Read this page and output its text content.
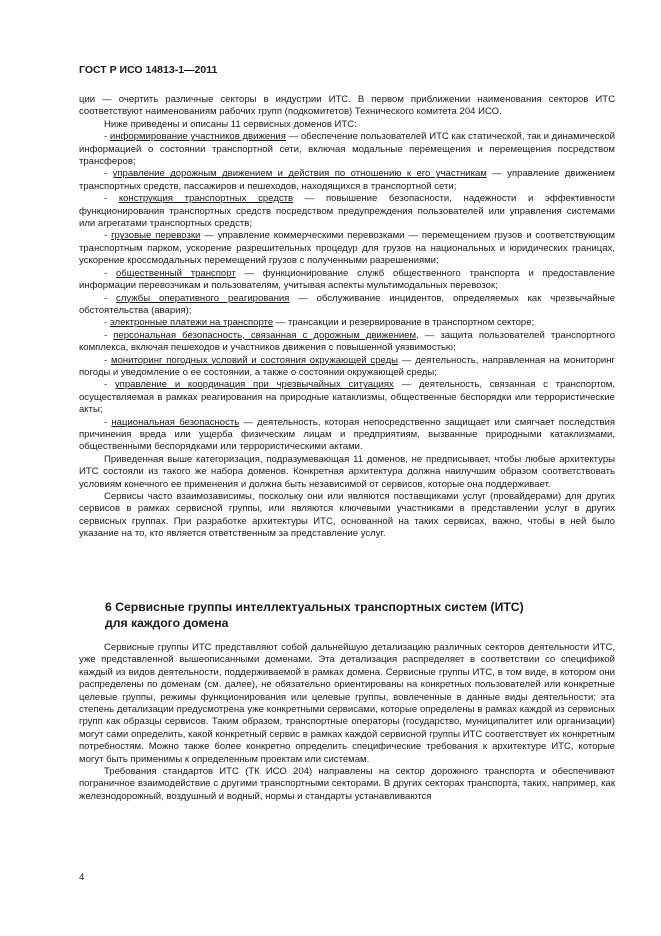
ГОСТ Р ИСО 14813-1—2011

ции — очертить различные секторы в индустрии ИТС. В первом приближении наименования секторов ИТС соответствуют наименованиям рабочих групп (подкомитетов) Технического комитета 204 ИСО.

Ниже приведены и описаны 11 сервисных доменов ИТС:

- информирование участников движения — обеспечение пользователей ИТС как статической, так и динамической информацией о состоянии транспортной сети, включая модальные перемещения и перемещения посредством трансферов;

- управление дорожным движением и действия по отношению к его участникам — управление движением транспортных средств, пассажиров и пешеходов, находящихся в транспортной сети;

- конструкция транспортных средств — повышение безопасности, надежности и эффективности функционирования транспортных средств посредством предупреждения пользователей или управления системами или агрегатами транспортных средств;

- грузовые перевозки — управление коммерческими перевозками — перемещением грузов и соответствующим транспортным парком, ускорение разрешительных процедур для грузов на национальных и юридических границах, ускорение кроссмодальных перемещений грузов с полученными разрешениями;

- общественный транспорт — функционирование служб общественного транспорта и предоставление информации перевозчикам и пользователям, учитывая аспекты мультимодальных перевозок;

- службы оперативного реагирования — обслуживание инцидентов, определяемых как чрезвычайные обстоятельства (авария);

- электронные платежи на транспорте — трансакции и резервирование в транспортном секторе;

- персональная безопасность, связанная с дорожным движением, — защита пользователей транспортного комплекса, включая пешеходов и участников движения с повышенной уязвимостью;

- мониторинг погодных условий и состояния окружающей среды — деятельность, направленная на мониторинг погоды и уведомление о ее состоянии, а также о состоянии окружающей среды;

- управление и координация при чрезвычайных ситуациях — деятельность, связанная с транспортом, осуществляемая в рамках реагирования на природные катаклизмы, общественные беспорядки или террористические акты;

- национальная безопасность — деятельность, которая непосредственно защищает или смягчает последствия причинения вреда или ущерба физическим лицам и предприятиям, вызванные природными катаклизмами, общественными беспорядками или террористическими актами.

Приведенная выше категоризация, подразумевающая 11 доменов, не предписывает, чтобы любые архитектуры ИТС состояли из такого же набора доменов. Конкретная архитектура должна наилучшим образом соответствовать условиям конечного ее применения и должна быть независимой от сервисов, которые она поддерживает.

Сервисы часто взаимозависимы, поскольку они или являются поставщиками услуг (провайдерами) для других сервисов в рамках сервисной группы, или являются ключевыми участниками в представлении услуг в других сервисных группах. При разработке архитектуры ИТС, основанной на таких сервисах, важно, чтобы в ней было указание на то, кто является ответственным за представление услуг.

6 Сервисные группы интеллектуальных транспортных систем (ИТС)
для каждого домена

Сервисные группы ИТС представляют собой дальнейшую детализацию различных секторов деятельности ИТС, уже представленной вышеописанными доменами. Эта детализация распределяет в соответствии со спецификой каждый из видов деятельности, поддерживаемой в рамках домена. Сервисные группы ИТС, в том виде, в котором они распределены по доменам (см. далее), не обязательно ориентированы на конкретных пользователей или конкретные целевые группы, режимы функционирования или целевые группы, вовлеченные в данные виды деятельности; эта степень детализации предусмотрена уже конкретными сервисами, которые определены в рамках каждой из сервисных групп как образцы сервисов. Таким образом, транспортные операторы (государство, муниципалитет или организации) могут сами определить, какой конкретный сервис в рамках каждой сервисной группы ИТС соответствует их конкретным потребностям. Можно также более конкретно определить специфические требования к архитектуре ИТС, которые могут быть применимы к определенным проектам или системам.

Требования стандартов ИТС (ТК ИСО 204) направлены на сектор дорожного транспорта и обеспечивают пограничное взаимодействие с другими транспортными секторами. В других секторах транспорта, таких, например, как железнодорожный, воздушный и водный, нормы и стандарты устанавливаются

4
